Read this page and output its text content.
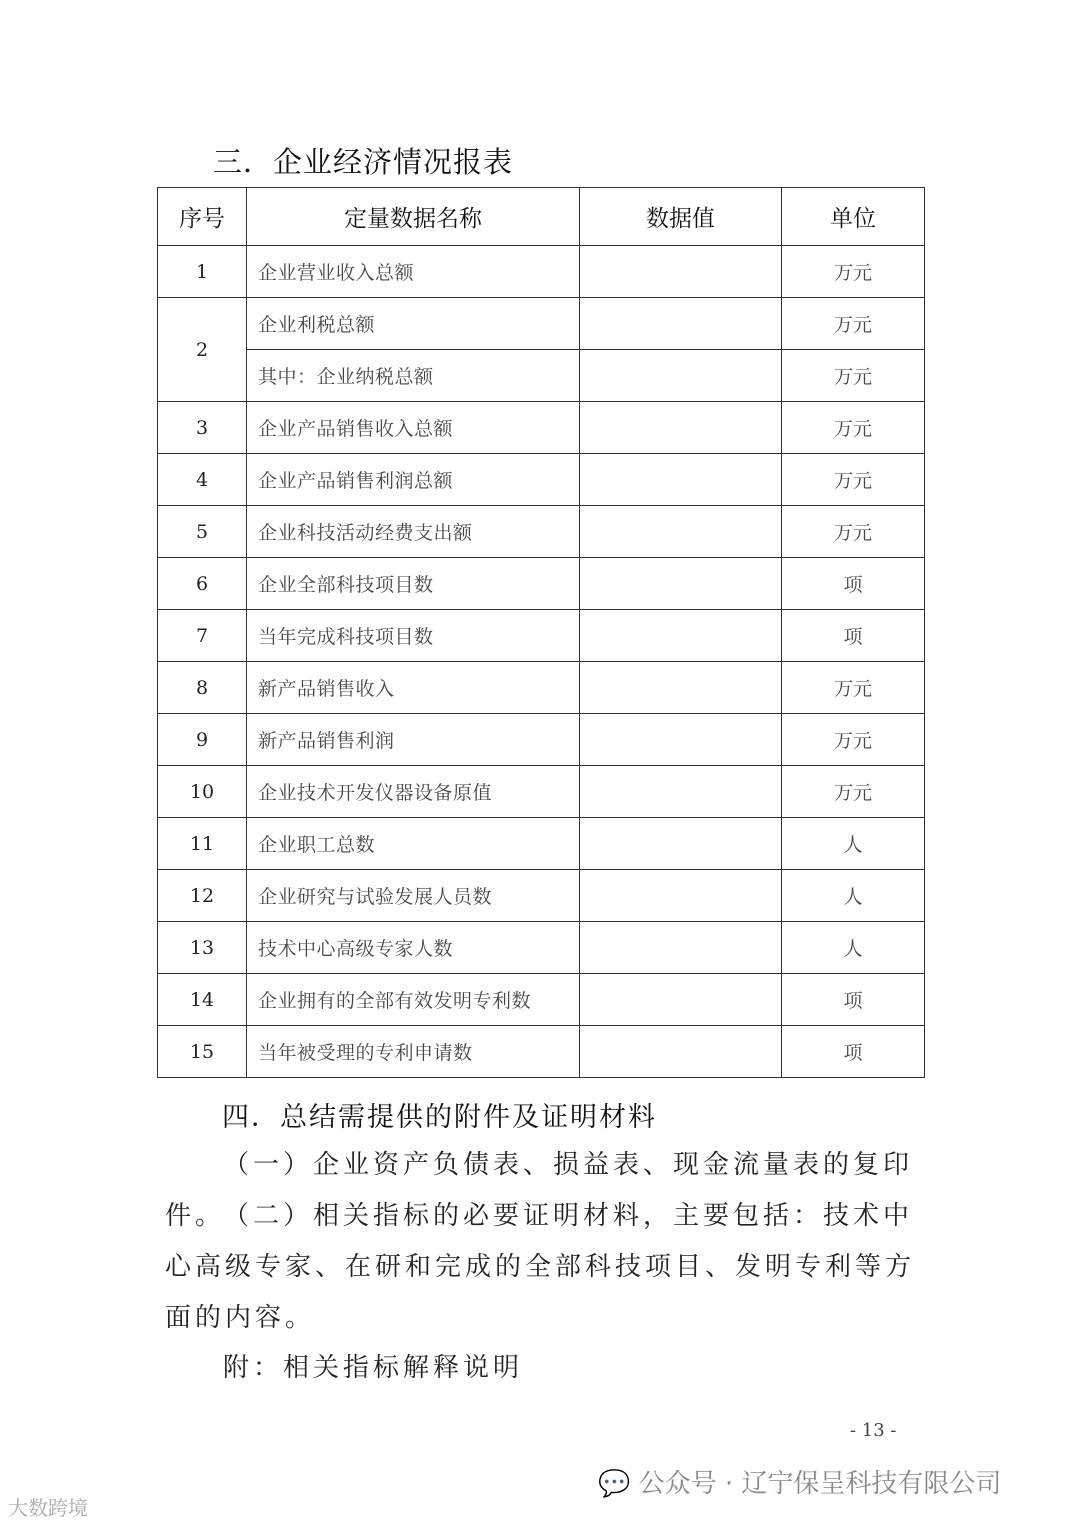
三．企业经济情况报表
序号	定量数据名称	数据值	单位
1	企业营业收入总额		万元
2	企业利税总额		万元
	其中：企业纳税总额		万元
3	企业产品销售收入总额		万元
4	企业产品销售利润总额		万元
5	企业科技活动经费支出额		万元
6	企业全部科技项目数		项
7	当年完成科技项目数		项
8	新产品销售收入		万元
9	新产品销售利润		万元
10	企业技术开发仪器设备原值		万元
11	企业职工总数		人
12	企业研究与试验发展人员数		人
13	技术中心高级专家人数		人
14	企业拥有的全部有效发明专利数		项
15	当年被受理的专利申请数		项
四．总结需提供的附件及证明材料
（一）企业资产负债表、损益表、现金流量表的复印件。
（二）相关指标的必要证明材料，主要包括：技术中心高级专家、在研和完成的全部科技项目、发明专利等方面的内容。
附：相关指标解释说明
- 13 -
💬 公众号 · 辽宁保呈科技有限公司
大数跨境
